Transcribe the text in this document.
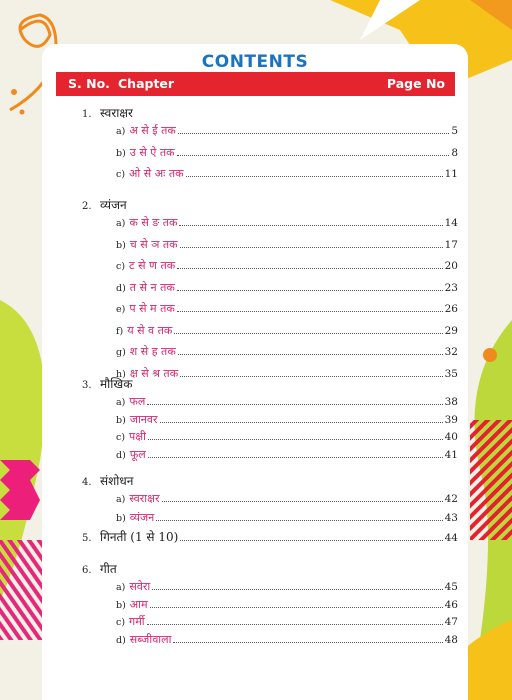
CONTENTS
S. No. Chapter	Page No
1. स्वराक्षर
a) अ से ई तक	5
b) उ से ऐ तक	8
c) ओ से अः तक	11
2. व्यंजन
a) क से ङ तक	14
b) च से ञ तक	17
c) ट से ण तक	20
d) त से न तक	23
e) प से म तक	26
f) य से व तक	29
g) श से ह तक	32
h) क्ष से श्र तक	35
3. मौखिक
a) फल	38
b) जानवर	39
c) पक्षी	40
d) फूल	41
4. संशोधन
a) स्वराक्षर	42
b) व्यंजन	43
5. गिनती (1 से 10)	44
6. गीत
a) सवेरा	45
b) आम	46
c) गर्मी	47
d) सब्जीवाला	48
